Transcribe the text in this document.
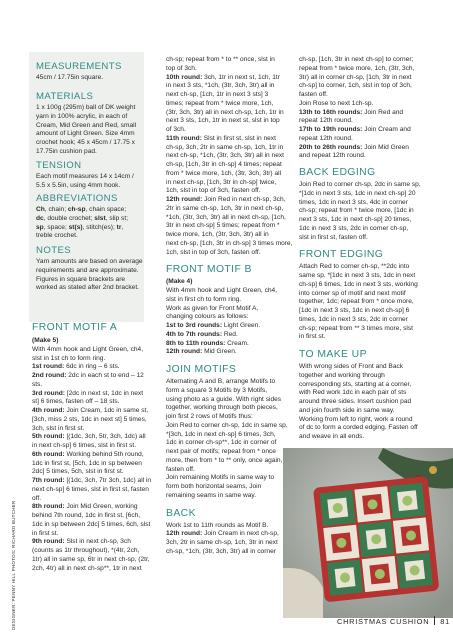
MEASUREMENTS

45cm / 17.75in square.

MATERIALS

1 x 100g (295m) ball of DK weight
yarn in 100% acrylic, in each of
Cream, Mid Green and Red, small
amount of Light Green. Size 4mm
crochet hook; 45 x 45cm / 17.75 x
17.75in cushion pad.

TENSION

Each motif measures 14 x 14cm /
5.5 x 5.5in, using 4mm hook.

ABBREVIATIONS

Ch, chain; ch-sp, chain space;
dc, double crochet; slst, slip st;
sp, space; st(s), stitch(es); tr,
treble crochet.

NOTES

Yarn amounts are based on average
requirements and are approximate.
Figures in square brackets are
worked as stated after 2nd bracket.

FRONT MOTIF A

(Make 5)
With 4mm hook and Light Green, ch4,
slst in 1st ch to form ring.
1st round: 6dc in ring – 6 sts.
2nd round: 2dc in each st to end – 12
sts.
3rd round: [2dc in next st, 1dc in next
st] 6 times, fasten off – 18 sts.
4th round: Join Cream, 1dc in same st,
[3ch, miss 2 sts, 1dc in next st] 5 times,
3ch, slst in first st.
5th round: [(1dc, 3ch, 5tr, 3ch, 1dc) all
in next ch-sp] 6 times, slst in first st.
6th round: Working behind 5th round,
1dc in first st, [5ch, 1dc in sp between
2dc] 5 times, 5ch, slst in first st.
7th round: [(1dc, 3ch, 7tr 3ch, 1dc) all in
next ch-sp] 6 times, slst in first st, fasten
off.
8th round: Join Mid Green, working
behind 7th round, 1dc in first st, [6ch,
1dc in sp between 2dc] 5 times, 6ch, slst
in first st.
9th round: Slst in next ch-sp, 3ch
(counts as 1tr throughout), *(4tr, 2ch,
1tr) all in same sp, 6tr in next ch-sp, (2tr,
2ch, 4tr) all in next ch-sp**, 1tr in next
ch-sp; repeat from * to ** once, slst in
top of 3ch.
10th round: 3ch, 1tr in next st, 1ch, 1tr
in next 3 sts, *1ch, (3tr, 3ch, 3tr) all in
next ch-sp, [1ch, 1tr in next 3 sts] 3
times; repeat from * twice more, 1ch,
(3tr, 3ch, 3tr) all in next ch-sp, 1ch, 1tr in
next 3 sts, 1ch, 1tr in next st, slst in top
of 3ch.
11th round: Slst in first st, slst in next
ch-sp, 3ch, 2tr in same ch-sp, 1ch, 1tr in
next ch-sp, *1ch, (3tr, 3ch, 3tr) all in next
ch-sp, [1ch, 3tr in ch-sp] 4 times; repeat
from * twice more, 1ch, (3tr, 3ch, 3tr) all
in next ch-sp, [1ch, 3tr in ch-sp] twice,
1ch, slst in top of 3ch, fasten off.
12th round: Join Red in next ch-sp, 3ch,
2tr in same ch-sp, 1ch, 3tr in next ch-sp,
*1ch, (3tr, 3ch, 3tr) all in next ch-sp, [1ch,
3tr in next ch-sp] 5 times; repeat from *
twice more, 1ch, (3tr, 3ch, 3tr) all in
next ch-sp, [1ch, 3tr in ch-sp] 3 times more,
1ch, slst in top of 3ch, fasten off.

FRONT MOTIF B

(Make 4)
With 4mm hook and Light Green, ch4,
slst in first ch to form ring.
Work as given for Front Motif A,
changing colours as follows:
1st to 3rd rounds: Light Green.
4th to 7th rounds: Red.
8th to 11th rounds: Cream.
12th round: Mid Green.

JOIN MOTIFS

Alternating A and B, arrange Motifs to
form a square 3 Motifs by 3 Motifs,
using photo as a guide. With right sides
together, working through both pieces,
join first 2 rows of Motifs thus:
Join Red to corner ch-sp, 1dc in same sp,
*[3ch, 1dc in next ch-sp] 6 times, 3ch,
1dc in corner ch-sp**, 1dc in corner of
next pair of motifs; repeat from * once
more, then from * to ** only, once again,
fasten off.
Join remaining Motifs in same way to
form both horizontal seams, Join
remaining seams in same way.

BACK

Work 1st to 11th rounds as Motif B.
12th round: Join Cream in next ch-sp,
3ch, 2tr in same ch-sp, 1ch, 3tr in next
ch-sp, *1ch, (3tr, 3ch, 3tr) all in corner
ch-sp, [1ch, 3tr in next ch-sp] to corner;
repeat from * twice more, 1ch, (3tr, 3ch,
3tr) all in corner ch-sp, [1ch, 3tr in next
ch-sp] to corner, 1ch, slst in top of 3ch,
fasten off.
Join Rose to next 1ch-sp.
13th to 16th rounds: Join Red and
repeat 12th round.
17th to 19th rounds: Join Cream and
repeat 12th round.
20th to 26th rounds: Join Mid Green
and repeat 12th round.

BACK EDGING

Join Red to corner ch-sp, 2dc in same sp,
*[1dc in next 3 sts, 1dc in next ch-sp] 20
times, 1dc in next 3 sts, 4dc in corner
ch-sp; repeat from * twice more, [1dc in
next 3 sts, 1dc in next ch-sp] 20 times,
1dc in next 3 sts, 2dc in corner ch-sp,
slst in first st, fasten off.

FRONT EDGING

Attach Red to corner ch-sp, **2dc into
same sp. *[1dc in next 3 sts, 1dc in next
ch-sp] 6 times, 1dc in next 3 sts, working
into corner sp of motif and next motif
together, 1dc; repeat from * once more,
[1dc in next 3 sts, 1dc in next ch-sp] 6
times, 1dc in next 3 sts, 2dc in corner
ch-sp; repeat from ** 3 times more, slst
in first st.

TO MAKE UP

With wrong sides of Front and Back
together and working through
corresponding sts, starting at a corner,
with Red work 1dc in each pair of sts
around three sides. Insert cushion pad
and join fourth side in same way.
Working from left to right, work a round
of dc to form a corded edging. Fasten off
and weave in all ends.
DESIGNER: PENNY HILL PHOTOS: RICHARD BUTCHER	CHRISTMAS CUSHION 81
